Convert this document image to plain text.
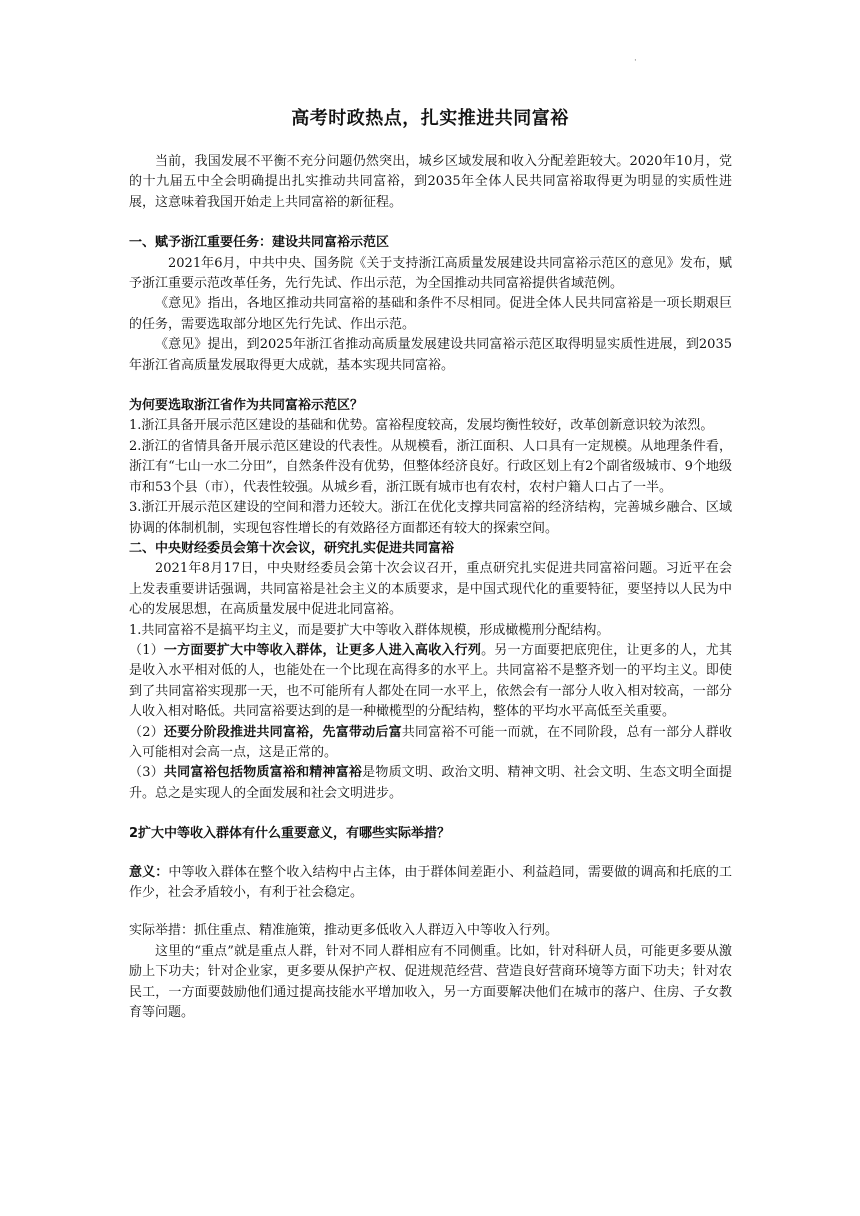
·
高考时政热点，扎实推进共同富裕

当前，我国发展不平衡不充分问题仍然突出，城乡区域发展和收入分配差距较大。2020年10月，党的十九届五中全会明确提出扎实推动共同富裕，到2035年全体人民共同富裕取得更为明显的实质性进展，这意味着我国开始走上共同富裕的新征程。

一、赋予浙江重要任务：建设共同富裕示范区

2021年6月，中共中央、国务院《关于支持浙江高质量发展建设共同富裕示范区的意见》发布，赋予浙江重要示范改革任务，先行先试、作出示范，为全国推动共同富裕提供省域范例。

《意见》指出，各地区推动共同富裕的基础和条件不尽相同。促进全体人民共同富裕是一项长期艰巨的任务，需要选取部分地区先行先试、作出示范。

《意见》提出，到2025年浙江省推动高质量发展建设共同富裕示范区取得明显实质性进展，到2035年浙江省高质量发展取得更大成就，基本实现共同富裕。

为何要选取浙江省作为共同富裕示范区？

1.浙江具备开展示范区建设的基础和优势。富裕程度较高，发展均衡性较好，改革创新意识较为浓烈。

2.浙江的省情具备开展示范区建设的代表性。从规模看，浙江面积、人口具有一定规模。从地理条件看，浙江有“七山一水二分田”，自然条件没有优势，但整体经济良好。行政区划上有2个副省级城市、9个地级市和53个县（市），代表性较强。从城乡看，浙江既有城市也有农村，农村户籍人口占了一半。

3.浙江开展示范区建设的空间和潜力还较大。浙江在优化支撑共同富裕的经济结构，完善城乡融合、区域协调的体制机制，实现包容性增长的有效路径方面都还有较大的探索空间。

二、中央财经委员会第十次会议，研究扎实促进共同富裕

2021年8月17日，中央财经委员会第十次会议召开，重点研究扎实促进共同富裕问题。习近平在会上发表重要讲话强调，共同富裕是社会主义的本质要求，是中国式现代化的重要特征，要坚持以人民为中心的发展思想，在高质量发展中促进北同富裕。

1.共同富裕不是搞平均主义，而是要扩大中等收入群体规模，形成橄榄刑分配结构。

（1）一方面要扩大中等收入群体，让更多人进入高收入行列。另一方面要把底兜住，让更多的人，尤其是收入水平相对低的人，也能处在一个比现在高得多的水平上。共同富裕不是整齐划一的平均主义。即使到了共同富裕实现那一天，也不可能所有人都处在同一水平上，依然会有一部分人收入相对较高，一部分人收入相对略低。共同富裕要达到的是一种橄榄型的分配结构，整体的平均水平高低至关重要。

（2）还要分阶段推进共同富裕，先富带动后富共同富裕不可能一而就，在不同阶段，总有一部分人群收入可能相对会高一点，这是正常的。

（3）共同富裕包括物质富裕和精神富裕是物质文明、政治文明、精神文明、社会文明、生态文明全面提升。总之是实现人的全面发展和社会文明进步。

2扩大中等收入群体有什么重要意义，有哪些实际举措？

意义：中等收入群体在整个收入结构中占主体，由于群体间差距小、利益趋同，需要做的调高和托底的工作少，社会矛盾较小，有利于社会稳定。

实际举措：抓住重点、精准施策，推动更多低收入人群迈入中等收入行列。

这里的“重点”就是重点人群，针对不同人群相应有不同侧重。比如，针对科研人员，可能更多要从激励上下功夫；针对企业家，更多要从保护产权、促进规范经营、营造良好营商环境等方面下功夫；针对农民工，一方面要鼓励他们通过提高技能水平增加收入，另一方面要解决他们在城市的落户、住房、子女教育等问题。
